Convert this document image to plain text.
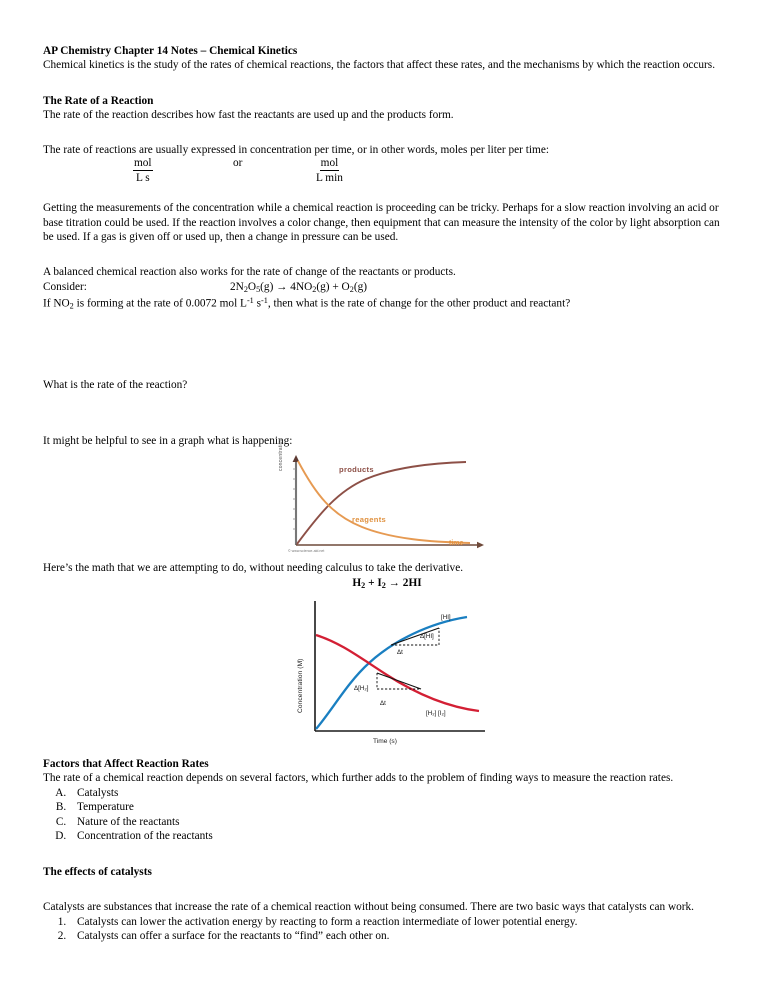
AP Chemistry Chapter 14 Notes – Chemical Kinetics

Chemical kinetics is the study of the rates of chemical reactions, the factors that affect these rates, and the mechanisms by which the reaction occurs.

The Rate of a Reaction

The rate of the reaction describes how fast the reactants are used up and the products form.

The rate of reactions are usually expressed in concentration per time, or in other words, moles per liter per time:

mol
L s
or	mol
L min

Getting the measurements of the concentration while a chemical reaction is proceeding can be tricky. Perhaps for a slow reaction involving an acid or base titration could be used. If the reaction involves a color change, then equipment that can measure the intensity of the color by light absorption can be used. If a gas is given off or used up, then a change in pressure can be used.

A balanced chemical reaction also works for the rate of change of the reactants or products.

Consider:	$2N_2O_5(g) \to 4NO_2(g) + O_2(g)$

If $NO_2$ is forming at the rate of 0.0072 mol $L^{-1}$ $s^{-1}$, then what is the rate of change for the other product and reactant?

What is the rate of the reaction?

It might be helpful to see in a graph what is happening:

concentration	products
reagents
time
© www.science-aid.net

Here’s the math that we are attempting to do, without needing calculus to take the derivative.

$H_2 + I_2 \to 2HI$

Concentration (M)
Time (s)
[HI]
Δ[HI]
Δt
Δ[H₂]
Δt
[H₂] [I₂]

Factors that Affect Reaction Rates

The rate of a chemical reaction depends on several factors, which further adds to the problem of finding ways to measure the reaction rates.

A. Catalysts
B. Temperature
C. Nature of the reactants
D. Concentration of the reactants

The effects of catalysts

Catalysts are substances that increase the rate of a chemical reaction without being consumed. There are two basic ways that catalysts can work.

1. Catalysts can lower the activation energy by reacting to form a reaction intermediate of lower potential energy.
2. Catalysts can offer a surface for the reactants to “find” each other on.
